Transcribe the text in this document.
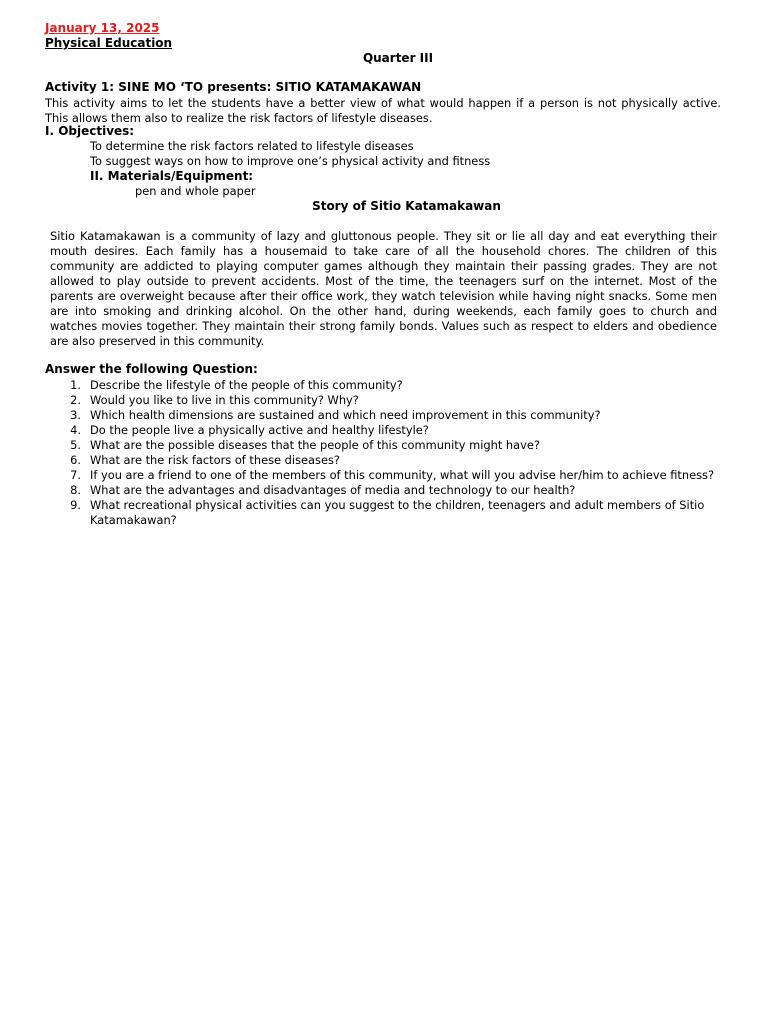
January 13, 2025
Physical Education
Quarter III
Activity 1: SINE MO ‘TO presents: SITIO KATAMAKAWAN

This activity aims to let the students have a better view of what would happen if a person is not physically active. This allows them also to realize the risk factors of lifestyle diseases.

I. Objectives:

To determine the risk factors related to lifestyle diseases

To suggest ways on how to improve one’s physical activity and fitness

II. Materials/Equipment:
pen and whole paper
Story of Sitio Katamakawan

Sitio Katamakawan is a community of lazy and gluttonous people. They sit or lie all day and eat everything their mouth desires. Each family has a housemaid to take care of all the household chores. The children of this community are addicted to playing computer games although they maintain their passing grades. They are not allowed to play outside to prevent accidents. Most of the time, the teenagers surf on the internet. Most of the parents are overweight because after their office work, they watch television while having night snacks. Some men are into smoking and drinking alcohol. On the other hand, during weekends, each family goes to church and watches movies together. They maintain their strong family bonds. Values such as respect to elders and obedience are also preserved in this community.

Answer the following Question:
1. Describe the lifestyle of the people of this community?
2. Would you like to live in this community? Why?
3. Which health dimensions are sustained and which need improvement in this community?
4. Do the people live a physically active and healthy lifestyle?
5. What are the possible diseases that the people of this community might have?
6. What are the risk factors of these diseases?
7. If you are a friend to one of the members of this community, what will you advise her/him to achieve fitness?
8. What are the advantages and disadvantages of media and technology to our health?
9. What recreational physical activities can you suggest to the children, teenagers and adult members of Sitio Katamakawan?
